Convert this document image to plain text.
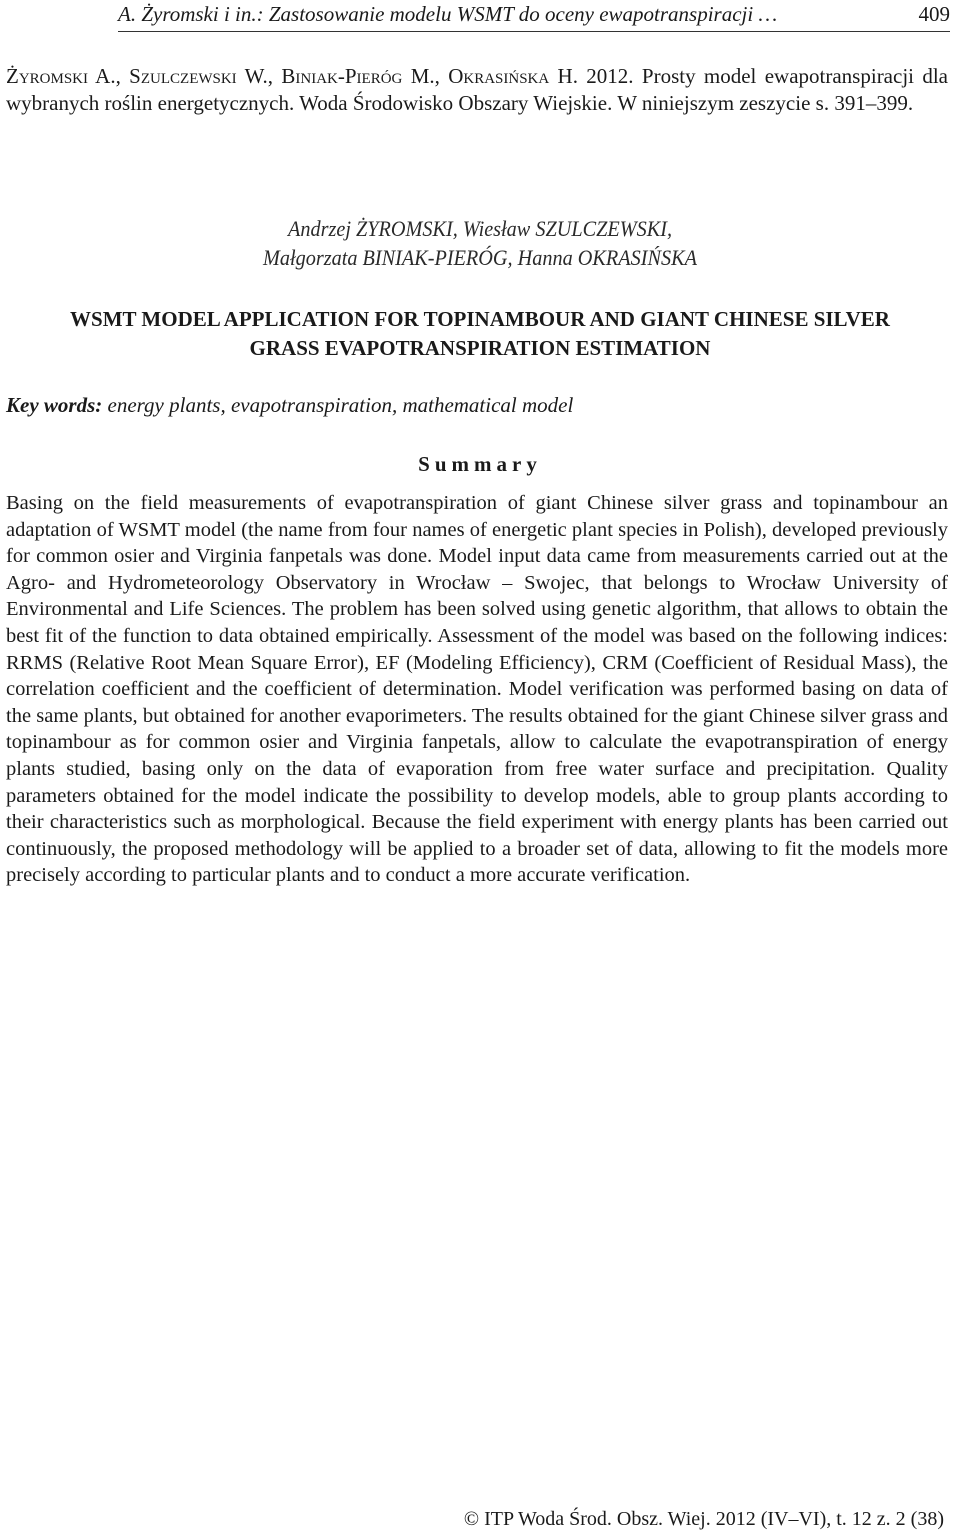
A. Żyromski i in.: Zastosowanie modelu WSMT do oceny ewapotranspiracji …	409
Żyromski A., Szulczewski W., Biniak-Pieróg M., Okrasińska H. 2012. Prosty model ewapotranspiracji dla wybranych roślin energetycznych. Woda Środowisko Obszary Wiejskie. W niniejszym zeszycie s. 391–399.
Andrzej ŻYROMSKI, Wiesław SZULCZEWSKI,
Małgorzata BINIAK-PIERÓG, Hanna OKRASIŃSKA
WSMT MODEL APPLICATION FOR TOPINAMBOUR AND GIANT CHINESE SILVER
GRASS EVAPOTRANSPIRATION ESTIMATION
Key words: energy plants, evapotranspiration, mathematical model
Summary
Basing on the field measurements of evapotranspiration of giant Chinese silver grass and topinambour an adaptation of WSMT model (the name from four names of energetic plant species in Polish), developed previously for common osier and Virginia fanpetals was done. Model input data came from measurements carried out at the Agro- and Hydrometeorology Observatory in Wrocław – Swojec, that belongs to Wrocław University of Environmental and Life Sciences. The problem has been solved using genetic algorithm, that allows to obtain the best fit of the function to data obtained empirically. Assessment of the model was based on the following indices: RRMS (Relative Root Mean Square Error), EF (Modeling Efficiency), CRM (Coefficient of Residual Mass), the correlation coefficient and the coefficient of determination. Model verification was performed basing on data of the same plants, but obtained for another evaporimeters. The results obtained for the giant Chinese silver grass and topinambour as for common osier and Virginia fanpetals, allow to calculate the evapotranspiration of energy plants studied, basing only on the data of evaporation from free water surface and precipitation. Quality parameters obtained for the model indicate the possibility to develop models, able to group plants according to their characteristics such as morphological. Because the field experiment with energy plants has been carried out continuously, the proposed methodology will be applied to a broader set of data, allowing to fit the models more precisely according to particular plants and to conduct a more accurate verification.
© ITP Woda Środ. Obsz. Wiej. 2012 (IV–VI), t. 12 z. 2 (38)
